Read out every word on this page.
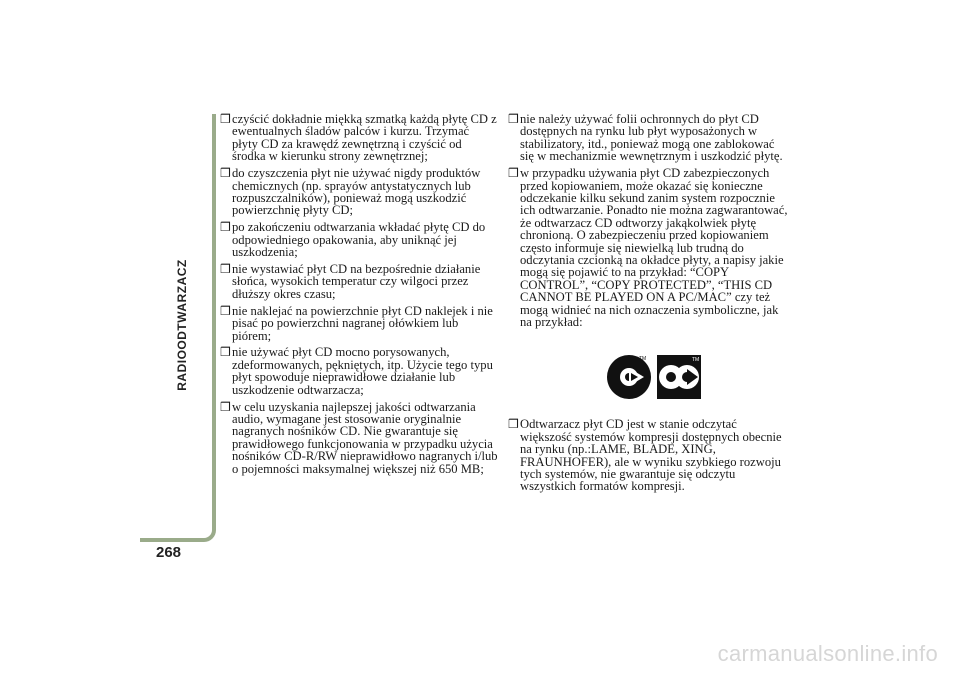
RADIOODTWARZACZ
268
❒ czyścić dokładnie miękką szmatką każdą płytę CD z ewentualnych śladów palców i kurzu. Trzymać płyty CD za krawędź zewnętrzną i czyścić od środka w kierunku strony zewnętrznej;
❒ do czyszczenia płyt nie używać nigdy produktów chemicznych (np. sprayów antystatycznych lub rozpuszczalników), ponieważ mogą uszkodzić powierzchnię płyty CD;
❒ po zakończeniu odtwarzania wkładać płytę CD do odpowiedniego opakowania, aby uniknąć jej uszkodzenia;
❒ nie wystawiać płyt CD na bezpośrednie działanie słońca, wysokich temperatur czy wilgoci przez dłuższy okres czasu;
❒ nie naklejać na powierzchnie płyt CD naklejek i nie pisać po powierzchni nagranej ołówkiem lub piórem;
❒ nie używać płyt CD mocno porysowanych, zdeformowanych, pękniętych, itp. Użycie tego typu płyt spowoduje nieprawidłowe działanie lub uszkodzenie odtwarzacza;
❒ w celu uzyskania najlepszej jakości odtwarzania audio, wymagane jest stosowanie oryginalnie nagranych nośników CD. Nie gwarantuje się prawidłowego funkcjonowania w przypadku użycia nośników CD-R/RW nieprawidłowo nagranych i/lub o pojemności maksymalnej większej niż 650 MB;
❒ nie należy używać folii ochronnych do płyt CD dostępnych na rynku lub płyt wyposażonych w stabilizatory, itd., ponieważ mogą one zablokować się w mechanizmie wewnętrznym i uszkodzić płytę.
❒ w przypadku używania płyt CD zabezpieczonych przed kopiowaniem, może okazać się konieczne odczekanie kilku sekund zanim system rozpocznie ich odtwarzanie. Ponadto nie można zagwarantować, że odtwarzacz CD odtworzy jakąkolwiek płytę chronioną. O zabezpieczeniu przed kopiowaniem często informuje się niewielką lub trudną do odczytania czcionką na okładce płyty, a napisy jakie mogą się pojawić to na przykład: “COPY CONTROL”, “COPY PROTECTED”, “THIS CD CANNOT BE PLAYED ON A PC/MAC” czy też mogą widnieć na nich oznaczenia symboliczne, jak na przykład:
TM	TM
❒ Odtwarzacz płyt CD jest w stanie odczytać większość systemów kompresji dostępnych obecnie na rynku (np.:LAME, BLADE, XING, FRAUNHOFER), ale w wyniku szybkiego rozwoju tych systemów, nie gwarantuje się odczytu wszystkich formatów kompresji.
carmanualsonline.info
